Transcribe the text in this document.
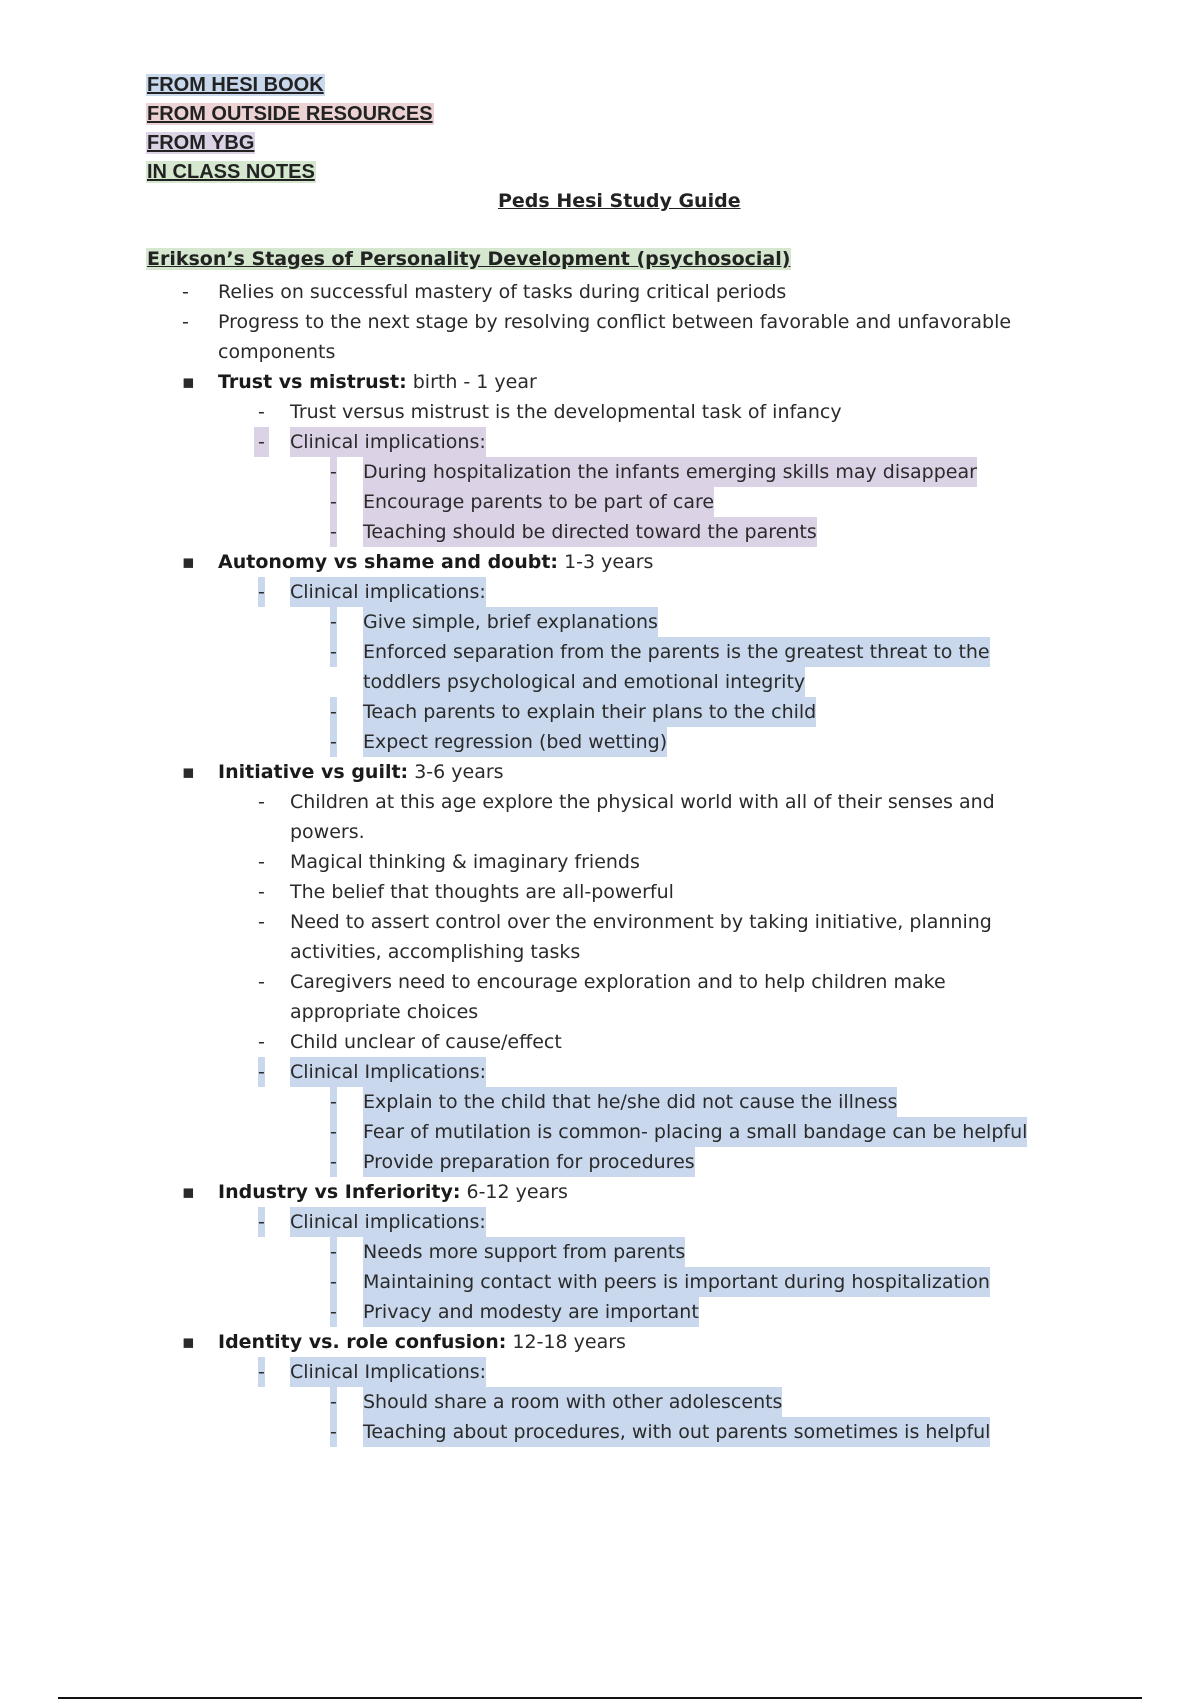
FROM HESI BOOK
FROM OUTSIDE RESOURCES
FROM YBG
IN CLASS NOTES
Peds Hesi Study Guide
Erikson’s Stages of Personality Development (psychosocial)
- Relies on successful mastery of tasks during critical periods
- Progress to the next stage by resolving conflict between favorable and unfavorable
components
▪ Trust vs mistrust: birth - 1 year
- Trust versus mistrust is the developmental task of infancy
- Clinical implications:
- During hospitalization the infants emerging skills may disappear
- Encourage parents to be part of care
- Teaching should be directed toward the parents
▪ Autonomy vs shame and doubt: 1-3 years
- Clinical implications:
- Give simple, brief explanations
- Enforced separation from the parents is the greatest threat to the
toddlers psychological and emotional integrity
- Teach parents to explain their plans to the child
- Expect regression (bed wetting)
▪ Initiative vs guilt: 3-6 years
- Children at this age explore the physical world with all of their senses and
powers.
- Magical thinking & imaginary friends
- The belief that thoughts are all-powerful
- Need to assert control over the environment by taking initiative, planning
activities, accomplishing tasks
- Caregivers need to encourage exploration and to help children make
appropriate choices
- Child unclear of cause/effect
- Clinical Implications:
- Explain to the child that he/she did not cause the illness
- Fear of mutilation is common- placing a small bandage can be helpful
- Provide preparation for procedures
▪ Industry vs Inferiority: 6-12 years
- Clinical implications:
- Needs more support from parents
- Maintaining contact with peers is important during hospitalization
- Privacy and modesty are important
▪ Identity vs. role confusion: 12-18 years
- Clinical Implications:
- Should share a room with other adolescents
- Teaching about procedures, with out parents sometimes is helpful
